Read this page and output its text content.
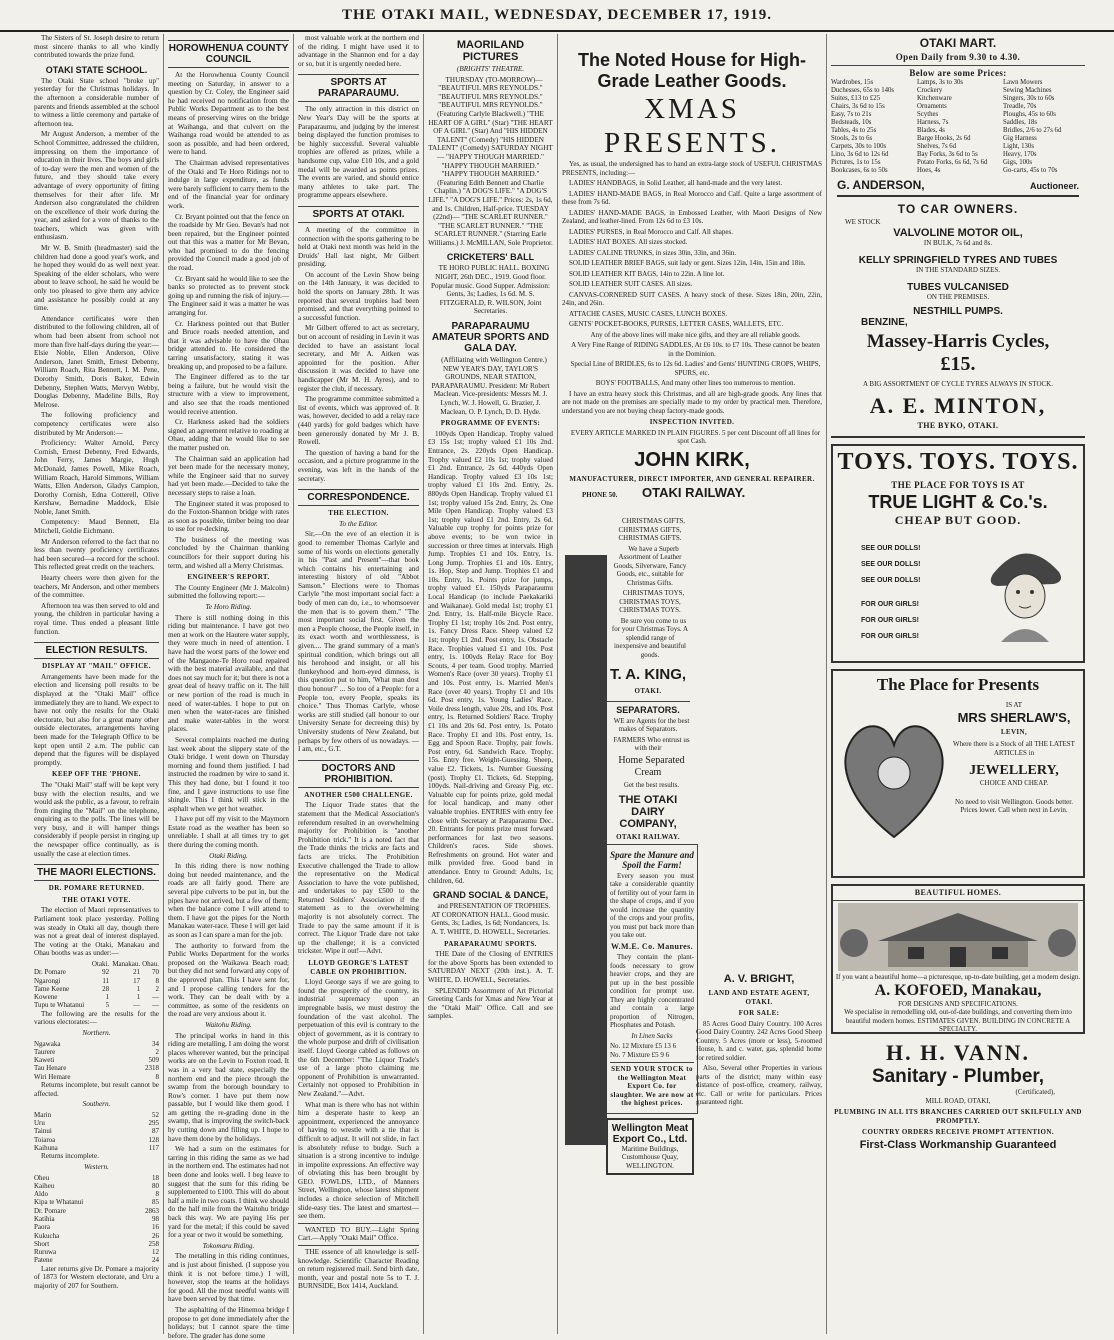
THE OTAKI MAIL, WEDNESDAY, DECEMBER 17, 1919.

The Sisters of St. Joseph desire to return most sincere thanks to all who kindly contributed towards the prize fund.

OTAKI STATE SCHOOL.

The Otaki State school "broke up" yesterday for the Christmas holidays. In the afternoon a considerable number of parents and friends assembled at the school to witness a little ceremony and partake of afternoon tea.

Mr August Anderson, a member of the School Committee, addressed the children, impressing on them the importance of education in their lives. The boys and girls of to-day were the men and women of the future, and they should take every advantage of every opportunity of fitting themselves for their after life. Mr Anderson also congratulated the children on the excellence of their work during the year, and asked for a vote of thanks to the teachers, which was given with enthusiasm.

Mr W. B. Smith (headmaster) said the children had done a good year's work, and he hoped they would do as well next year. Speaking of the elder scholars, who were about to leave school, he said he would be only too pleased to give them any advice and assistance he possibly could at any time.

Attendance certificates were then distributed to the following children, all of whom had been absent from school not more than five half-days during the year:—Elsie Noble, Ellen Anderson, Olive Anderson, Janet Smith, Ernest Debenny, William Roach, Rita Bennett, I. M. Pene, Dorothy Smith, Doris Baker, Edwin Debenny, Stephen Watts, Mervyn Webby, Douglas Debenny, Madeline Bills, Roy Melrose.

The following proficiency and competency certificates were also distributed by Mr Anderson:—

Proficiency: Walter Arnold, Percy Cornish, Ernest Debenny, Fred Edwards, John Ferry, James Margie, Hugh McDonald, James Powell, Mike Roach, William Roach, Harold Simmons, William Watts, Ellen Anderson, Gladys Campion, Dorothy Cornish, Edna Cotterell, Olive Kershaw, Bernadine Maddock, Elsie Noble, Janet Smith.

Competency: Maud Bennett, Ela Mitchell, Goldie Eichmann.

Mr Anderson referred to the fact that no less than twenty proficiency certificates had been secured—a record for the school. This reflected great credit on the teachers.

Hearty cheers were then given for the teachers, Mr Anderson, and other members of the committee.

Afternoon tea was then served to old and young, the children in particular having a royal time. Thus ended a pleasant little function.

ELECTION RESULTS.
DISPLAY AT "MAIL" OFFICE.

Arrangements have been made for the election and licensing poll results to be displayed at the "Otaki Mail" office immediately they are to hand. We expect to have not only the results for the Otaki electorate, but also for a great many other outside electorates, arrangements having been made for the Telegraph Office to be kept open until 2 a.m. The public can depend that the figures will be displayed promptly.

KEEP OFF THE 'PHONE.

The "Otaki Mail" staff will be kept very busy with the election results, and we would ask the public, as a favour, to refrain from ringing the "Mail" on the telephone, enquiring as to the polls. The lines will be very busy, and it will hamper things considerably if people persist in ringing up the newspaper office continually, as is usually the case at election times.

THE MAORI ELECTIONS.
DR. POMARE RETURNED.
THE OTAKI VOTE.

The election of Maori representatives to Parliament took place yesterday. Polling was steady in Otaki all day, though there was not a great deal of interest displayed. The voting at the Otaki, Manakau and Ohau booths was as under:—

	Otaki.	Manakau.	Ohau.
Dr. Pomare	92	21	70
Ngarongi	11	17	8
Tame Keene	28	1	2
Kowene	1	1	—
Tupu te Whatanui	5	—	—

The following are the results for the various electorates:—

Northern.
Ngawaka	34
Taurere	2
Kaweti	509
Tau Henare	2318
Wiri Hemare	8

Returns incomplete, but result cannot be affected.

Southern.
Marin	52
Uru	295
Tainui	87
Toiaroa	128
Kaihuna	117

Returns incomplete.

Western.
Oheu	18
Kaiheu	80
Aldo	8
Kipa te Whatanui	85
Dr. Pomare	2863
Katihia	98
Paora	16
Kukucha	26
Short	258
Ruruwa	12
Patene	24

Later returns give Dr. Pomare a majority of 1873 for Western electorate, and Uru a majority of 207 for Southern.

HOROWHENUA COUNTY COUNCIL

At the Horowhenua County Council meeting on Saturday, in answer to a question by Cr. Coley, the Engineer said he had received no notification from the Public Works Department as to the best means of preserving wires on the bridge at Waihanga, and that culvert on the Waihanga road would be attended to as soon as possible, and had been ordered, were to hand.

The Chairman advised representatives of the Otaki and Te Horo Ridings not to indulge in large expenditure, as funds were barely sufficient to carry them to the end of the financial year for ordinary work.

Cr. Bryant pointed out that the fence on the roadside by Mr Geo. Bevan's had not been repaired, but the Engineer pointed out that this was a matter for Mr Bevan, who had promised to do the fencing provided the Council made a good job of the road.

Cr. Bryant said he would like to see the banks so protected as to prevent stock going up and running the risk of injury.—The Engineer said it was a matter he was arranging for.

Cr. Harkness pointed out that Butler and Bruce roads needed attention, and that it was advisable to have the Ohau bridge attended to. He considered the tarring unsatisfactory, stating it was breaking up, and proposed to be a failure.

The Engineer differed as to the tar being a failure, but he would visit the structure with a view to improvement, and also see that the roads mentioned would receive attention.

Cr. Harkness asked had the soldiers signed an agreement relative to roading at Ohau, adding that he would like to see the matter pushed on.

The Chairman said an application had yet been made for the necessary money, while the Engineer said that no survey had yet been made.—Decided to take the necessary steps to raise a loan.

The Engineer stated it was proposed to do the Foxton-Shannon bridge with rates as soon as possible, timber being too dear to use for re-decking.

The business of the meeting was concluded by the Chairman thanking councillors for their support during his term, and wished all a Merry Christmas.

ENGINEER'S REPORT.

The County Engineer (Mr J. Malcolm) submitted the following report:—

Te Horo Riding.

There is still nothing doing in this riding but maintenance. I have got two men at work on the Hautere water supply, they were much in need of attention. I have had the worst parts of the lower end of the Mangaone-Te Horo road repaired with the best material available, and that does not say much for it; but there is not a great deal of heavy traffic on it. The hill or new portion of the road is much in need of water-tables. I hope to put on men when the water-races are finished and make water-tables in the worst places.

Several complaints reached me during last week about the slippery state of the Otaki bridge. I went down on Thursday morning and found them justified. I had instructed the roadmen by wire to sand it. This they had done, but I found it too fine, and I gave instructions to use fine shingle. This I think will stick in the asphalt when we get hot weather.

I have put off my visit to the Maymorn Estate road as the weather has been so unreliable. I shall at all times try to get there during the coming month.

Otaki Riding.

In this riding there is now nothing doing but needed maintenance, and the roads are all fairly good. There are several pipe culverts to be put in, but the pipes have not arrived, but a few of them; when the balance come I will attend to them. I have got the pipes for the North Manakau water-race. These I will get laid as soon as I can spare a man for the job.

The authority to forward from the Public Works Department for the works proposed on the Waikawa Beach road; but they did not send forward any copy of the approved plan. This I have sent for, and I propose calling tenders for the work. They can be dealt with by a committee, as some of the residents on the road are very anxious about it.

Waitohu Riding.

The principal works in hand in this riding are metalling, I am doing the worst places wherever wanted, but the principal works are on the Levin to Foxton road. It was in a very bad state, especially the northern end and the piece through the swamp from the borough boundary to Row's corner. I have put them now passable, but I would like them good. I am getting the re-grading done in the swamp, that is improving the switch-back by cutting down and filling up. I hope to have them done by the holidays.

We had a sum on the estimates for tarring in this riding the same as we had in the northern end. The estimates had not been done and looks well. I beg leave to suggest that the sum for this riding be supplemented to £100. This will do about half a mile in two coats. I think we should do the half mile from the Waitohu bridge back this way. We are paying 16s per yard for the metal; if this could be saved for a year or two it would be something.

Tokomaru Riding.

The metalling in this riding continues, and is just about finished. (I suppose you think it is not before time.) I will, however, stop the teams at the holidays for good. All the most needful wants will have been served by that time.

The asphalting of the Hinemoa bridge I propose to get done immediately after the holidays; but I cannot spare the time before. The grader has done some

most valuable work at the northern end of the riding. I might have used it to advantage in the Shannon end for a day or so, but it is urgently needed here.

SPORTS AT PARAPARAUMU.

The only attraction in this district on New Year's Day will be the sports at Paraparaumu, and judging by the interest being displayed the function promises to be highly successful. Several valuable trophies are offered as prizes, while a handsome cup, value £10 10s, and a gold medal will be awarded as points prizes. The events are varied, and should entice many athletes to take part. The programme appears elsewhere.

SPORTS AT OTAKI.

A meeting of the committee in connection with the sports gathering to be held at Otaki next month was held in the Druids' Hall last night, Mr Gilbert presiding.

On account of the Levin Show being on the 14th January, it was decided to hold the sports on January 28th. It was reported that several trophies had been promised, and that everything pointed to a successful function.

Mr Gilbert offered to act as secretary, but on account of residing in Levin it was decided to have an assistant local secretary, and Mr A. Aitken was appointed for the position. After discussion it was decided to have one handicapper (Mr M. H. Ayres), and to register the club, if necessary.

The programme committee submitted a list of events, which was approved of. It was, however, decided to add a relay race (440 yards) for gold badges which have been generously donated by Mr J. B. Rowell.

The question of having a band for the occasion, and a picture programme in the evening, was left in the hands of the secretary.

CORRESPONDENCE.
THE ELECTION.
To the Editor.

Sir,—On the eve of an election it is good to remember Thomas Carlyle and some of his words on elections generally in his "Past and Present"—that book which contains his entertaining and interesting history of old "Abbot Samson." Elections were to Thomas Carlyle "the most important social fact: a body of men can do, i.e., to whomsoever the men that is to govern them." "The most important social first. Given the men a People choose, the People itself, in its exact worth and worthlessness, is given.... The grand summary of a man's spiritual condition, which brings out all his herohood and insight, or all his flunkeyhood and horn-eyed dimness, is this question put to him, 'What man dost thou honour?' ... So too of a People: for a People too, every People, speaks its choice." Thus Thomas Carlyle, whose works are still studied (all honour to our University Senate for decreeing this) by University students of New Zealand, but perhaps by few others of us nowadays. —I am, etc., G.T.

DOCTORS AND PROHIBITION.
ANOTHER £500 CHALLENGE.

The Liquor Trade states that the statement that the Medical Association's referendum resulted in an overwhelming majority for Prohibition is "another Prohibition trick." It is a noted fact that the Trade thinks the tricks are facts and facts are tricks. The Prohibition Executive challenged the Trade to allow the representative on the Medical Association to have the vote published, and undertakes to pay £500 to the Returned Soldiers' Association if the statement as to the overwhelming majority is not absolutely correct. The Trade to pay the same amount if it is correct. The Liquor Trade dare not take up the challenge; it is a convicted trickster. Wipe it out!—Advt.

LLOYD GEORGE'S LATEST CABLE ON PROHIBITION.

Lloyd George says if we are going to found the prosperity of the country, its industrial supremacy upon an impregnable basis, we must destroy the foundation of the vast alcohol. The perpetuation of this evil is contrary to the object of government, as it is contrary to the whole purpose and drift of civilisation itself. Lloyd George cabled as follows on the 6th December: "The Liquor Trade's use of a large photo claiming me opponent of Prohibition is unwarranted. Certainly not opposed to Prohibition in New Zealand."—Advt.

What man is there who has not within him a desperate haste to keep an appointment, experienced the annoyance of having to wrestle with a tie that is difficult to adjust. It will not slide, in fact is absolutely refuse to budge. Such a situation is a strong incentive to indulge in impolite expressions. An effective way of obviating this has been brought by GEO. FOWLDS, LTD., of Manners Street, Wellington, whose latest shipment includes a choice selection of Mitchell slide-easy ties. The latest and smartest—see them.

WANTED TO BUY.—Light Spring Cart.—Apply "Otaki Mail" Office.

THE essence of all knowledge is self-knowledge. Scientific Character Reading on return registered mail. Send birth date, month, year and postal note 5s to T. J. BURNSIDE, Box 1414, Auckland.

MAORILAND PICTURES
(BRIGHTS' THEATRE.

THURSDAY (TO-MORROW)— "BEAUTIFUL MRS REYNOLDS." "BEAUTIFUL MRS REYNOLDS." "BEAUTIFUL MRS REYNOLDS." (Featuring Carlyle Blackwell.) "THE HEART OF A GIRL" (Star) "THE HEART OF A GIRL" (Star) And "HIS HIDDEN TALENT" (Comedy) "HIS HIDDEN TALENT" (Comedy) SATURDAY NIGHT— "HAPPY THOUGH MARRIED." "HAPPY THOUGH MARRIED." "HAPPY THOUGH MARRIED." (Featuring Edith Bennett and Charlie Chaplin.) "A DOG'S LIFE." "A DOG'S LIFE." "A DOG'S LIFE." Prices: 2s, 1s 6d, and 1s. Children, Half-price. TUESDAY (22nd)— "THE SCARLET RUNNER." "THE SCARLET RUNNER." "THE SCARLET RUNNER." (Starring Earle Williams.) J. McMILLAN, Sole Proprietor.

CRICKETERS' BALL

TE HORO PUBLIC HALL. BOXING NIGHT, 26th DEC., 1919. Good floor. Popular music. Good Supper. Admission: Gents, 3s; Ladies, 1s 6d. M. S. FITZGERALD, R. WILSON, Joint Secretaries.

PARAPARAUMU AMATEUR SPORTS AND GALA DAY.

(Affiliating with Wellington Centre.) NEW YEAR'S DAY, TAYLOR'S GROUNDS, NEAR STATION, PARAPARAUMU. President: Mr Robert Maclean. Vice-presidents: Messrs M. J. Lynch, W. J. Howell, G. Brazier, J. Maclean, O. P. Lynch, D. D. Hyde.

PROGRAMME OF EVENTS:

100yds Open Handicap. Trophy valued £3 15s 1st; trophy valued £1 10s 2nd. Entrance, 2s. 220yds Open Handicap. Trophy valued £2 10s 1st; trophy valued £1 2nd. Entrance, 2s 6d. 440yds Open Handicap. Trophy valued £3 10s 1st; trophy valued £1 10s 2nd. Entry, 2s. 880yds Open Handicap. Trophy valued £1 1st; trophy valued 15s 2nd. Entry, 2s. One Mile Open Handicap. Trophy valued £3 1st; trophy valued £1 2nd. Entry, 2s 6d. Valuable cup trophy for points prize for above events; to be won twice in succession or three times at intervals. High Jump. Trophies £1 and 10s. Entry, 1s. Long Jump. Trophies £1 and 10s. Entry, 1s. Hop, Step and Jump. Trophies £1 and 10s. Entry, 1s. Points prize for jumps, trophy valued £1. 150yds Paraparaumu Local Handicap (to include Paekakariki and Waikanae). Gold medal 1st; trophy £1 2nd. Entry, 1s. Half-mile Bicycle Race. Trophy £1 1st; trophy 10s 2nd. Post entry, 1s. Fancy Dress Race. Sheep valued £2 1st; trophy £1 2nd. Post entry, 1s. Obstacle Race. Trophies valued £1 and 10s. Post entry, 1s. 100yds Relay Race for Boy Scouts, 4 per team. Good trophy. Married Women's Race (over 30 years). Trophy £1 and 10s. Post entry, 1s. Married Men's Race (over 40 years). Trophy £1 and 10s 6d. Post entry, 1s. Young Ladies' Race. Voile dress length, value 20s, and 10s. Post entry, 1s. Returned Soldiers' Race. Trophy £1 10s and 20s 6d. Post entry, 1s. Potato Race. Trophy £1 and 10s. Post entry, 1s. Egg and Spoon Race. Trophy, pair fowls. Post entry, 6d. Sandwich Race. Trophy. 15s. Entry free. Weight-Guessing. Sheep, value £2. Tickets, 1s. Number Guessing (post). Trophy £1. Tickets, 6d. Stepping, 100yds. Nail-driving and Greasy Pig, etc. Valuable cup for points prize, gold medal for local handicap, and many other valuable trophies. ENTRIES with entry fee close with Secretary at Paraparaumu Dec. 20. Entrants for points prize must forward performances for last two seasons. Children's races. Side shows. Refreshments on ground. Hot water and milk provided free. Good band in attendance. Entry to Ground: Adults, 1s; children, 6d.

GRAND SOCIAL & DANCE,

and PRESENTATION OF TROPHIES. AT CORONATION HALL. Good music. Gents, 3s; Ladies, 1s 6d; Nondancers, 1s. A. T. WHITE, D. HOWELL, Secretaries.

PARAPARAUMU SPORTS.

THE Date of the Closing of ENTRIES for the above Sports has been extended to SATURDAY NEXT (20th inst.). A. T. WHITE, D. HOWELL, Secretaries.

SPLENDID Assortment of Art Pictorial Greeting Cards for Xmas and New Year at the "Otaki Mail" Office. Call and see samples.

The Noted House for High-Grade Leather Goods.
XMAS PRESENTS.

Yes, as usual, the undersigned has to hand an extra-large stock of USEFUL CHRISTMAS PRESENTS, including:—

LADIES' HANDBAGS, in Solid Leather, all hand-made and the very latest.

LADIES' HAND-MADE BAGS, in Real Morocco and Calf. Quite a large assortment of these from 7s 6d.

LADIES' HAND-MADE BAGS, in Embossed Leather, with Maori Designs of New Zealand, and leather-lined. From 12s 6d to £3 10s.

LADIES' PURSES, in Real Morocco and Calf. All shapes.

LADIES' HAT BOXES. All sizes stocked.

LADIES' CALINE TRUNKS, in sizes 30in, 33in, and 36in.

SOLID LEATHER BRIEF BAGS, suit lady or gent. Sizes 12in, 14in, 15in and 18in.

SOLID LEATHER KIT BAGS, 14in to 22in. A line lot.

SOLID LEATHER SUIT CASES. All sizes.

CANVAS-CORNERED SUIT CASES. A heavy stock of these. Sizes 18in, 20in, 22in, 24in, and 26in.

ATTACHE CASES, MUSIC CASES, LUNCH BOXES.

GENTS' POCKET-BOOKS, PURSES, LETTER CASES, WALLETS, ETC.

Any of the above lines will make nice gifts, and they are all reliable goods.

A Very Fine Range of RIDING SADDLES, At £6 10s. to £7 10s. These cannot be beaten in the Dominion.

Special Line of BRIDLES, 6s to 12s 6d. Ladies' and Gents' HUNTING CROPS, WHIPS, SPURS, etc.

BOYS' FOOTBALLS, And many other lines too numerous to mention.

I have an extra heavy stock this Christmas, and all are high-grade goods. Any lines that are not made on the premises are specially made to my order by practical men. Therefore, understand you are not buying cheap factory-made goods.

INSPECTION INVITED.

EVERY ARTICLE MARKED IN PLAIN FIGURES. 5 per cent Discount off all lines for spot Cash.

JOHN KIRK,
MANUFACTURER, DIRECT IMPORTER, AND GENERAL REPAIRER.
PHONE 50. OTAKI RAILWAY.

CHRISTMAS GIFTS, CHRISTMAS GIFTS, CHRISTMAS GIFTS.

We have a Superb Assortment of Leather Goods, Silverware, Fancy Goods, etc., suitable for Christmas Gifts.

CHRISTMAS TOYS, CHRISTMAS TOYS, CHRISTMAS TOYS.

Be sure you come to us for your Christmas Toys. A splendid range of inexpensive and beautiful goods.

T. A. KING,
OTAKI.
SEPARATORS.

WE are Agents for the best makes of Separators.

FARMERS Who entrust us with their

Home Separated Cream

Get the best results.

THE OTAKI DAIRY COMPANY,
OTAKI RAILWAY.
Spare the Manure and Spoil the Farm!

Every season you must take a considerable quantity of fertility out of your farm in the shape of crops, and if you would increase the quantity of the crops and your profits, you must put back more than you take out.

W.M.E. Co. Manures.

They contain the plant-foods necessary to grow heavier crops, and they are put up in the best possible condition for prompt use. They are highly concentrated and contain a large proportion of Nitrogen, Phosphates and Potash.

In Linen Sacks
No. 12 Mixture £5 13 6
No. 7 Mixture £5 9 6
SEND YOUR STOCK to the Wellington Meat Export Co. for slaughter. We are now at the highest prices.
Wellington Meat Export Co., Ltd.
Maritime Buildings, Customhouse Quay, WELLINGTON.
A. V. BRIGHT,
LAND AND ESTATE AGENT, OTAKI.
FOR SALE:

85 Acres Good Dairy Country. 100 Acres Good Dairy Country. 242 Acres Good Sheep Country. 5 Acres (more or less), 5-roomed House, h. and c. water, gas, splendid home for retired soldier.

Also, Several other Properties in various parts of the district; many within easy distance of post-office, creamery, railway, etc. Call or write for particulars. Prices guaranteed right.

OTAKI MART.
Open Daily from 9.30 to 4.30.
Below are some Prices:
Wardrobes, 15s
Duchesses, 65s to 140s
Suites, £13 to £25
Chairs, 3s 6d to 15s
Easy, 7s to 21s
Bedsteads, 10s
Tables, 4s to 25s
Stools, 2s to 6s
Carpets, 30s to 100s
Lino, 3s 6d to 12s 6d
Pictures, 1s to 15s
Bookcases, 6s to 50s
Lamps, 3s to 30s
Crockery
Kitchenware
Ornaments
Scythes
Harness, 7s
Blades, 4s
Barge Hooks, 2s 6d
Shelves, 7s 6d
Bay Forks, 3s 6d to 5s
Potato Forks, 6s 6d, 7s 6d
Hoes, 4s
Lawn Mowers
Sewing Machines
Singers, 30s to 60s
Treadle, 70s
Ploughs, 45s to 60s
Saddles, 18s
Bridles, 2/6 to 27s 6d
Gig Harness
Light, 130s
Heavy, 170s
Gigs, 100s
Go-carts, 45s to 70s
G. ANDERSON,	Auctioneer.
TO CAR OWNERS.
WE STOCK
VALVOLINE MOTOR OIL,
IN BULK, 7s 6d and 8s.
KELLY SPRINGFIELD TYRES AND TUBES
IN THE STANDARD SIZES.
TUBES VULCANISED
ON THE PREMISES.
NESTHILL PUMPS.
BENZINE,
Massey-Harris Cycles,
£15.
A BIG ASSORTMENT OF CYCLE TYRES ALWAYS IN STOCK.
A. E. MINTON,
THE BYKO, OTAKI.
TOYS. TOYS. TOYS.
THE PLACE FOR TOYS IS AT
TRUE LIGHT & Co.'s.
CHEAP BUT GOOD.
SEE OUR DOLLS!
SEE OUR DOLLS!
SEE OUR DOLLS!
FOR OUR GIRLS!
FOR OUR GIRLS!
FOR OUR GIRLS!
The Place for Presents
IS AT
MRS SHERLAW'S,
LEVIN,
Where there is a Stock of all THE LATEST ARTICLES in
JEWELLERY,
CHOICE AND CHEAP.
No need to visit Wellington. Goods better. Prices lower. Call when next in Levin.
BEAUTIFUL HOMES.
If you want a beautiful home—a picturesque, up-to-date building, get a modern design.
A. KOFOED, Manakau,
FOR DESIGNS AND SPECIFICATIONS.
We specialise in remodelling old, out-of-date buildings, and converting them into beautiful modern homes. ESTIMATES GIVEN. BUILDING IN CONCRETE A SPECIALTY.
H. H. VANN.
Sanitary - Plumber,
(Certificated),
MILL ROAD, OTAKI,
PLUMBING IN ALL ITS BRANCHES CARRIED OUT SKILFULLY AND PROMPTLY.
COUNTRY ORDERS RECEIVE PROMPT ATTENTION.
First-Class Workmanship Guaranteed
